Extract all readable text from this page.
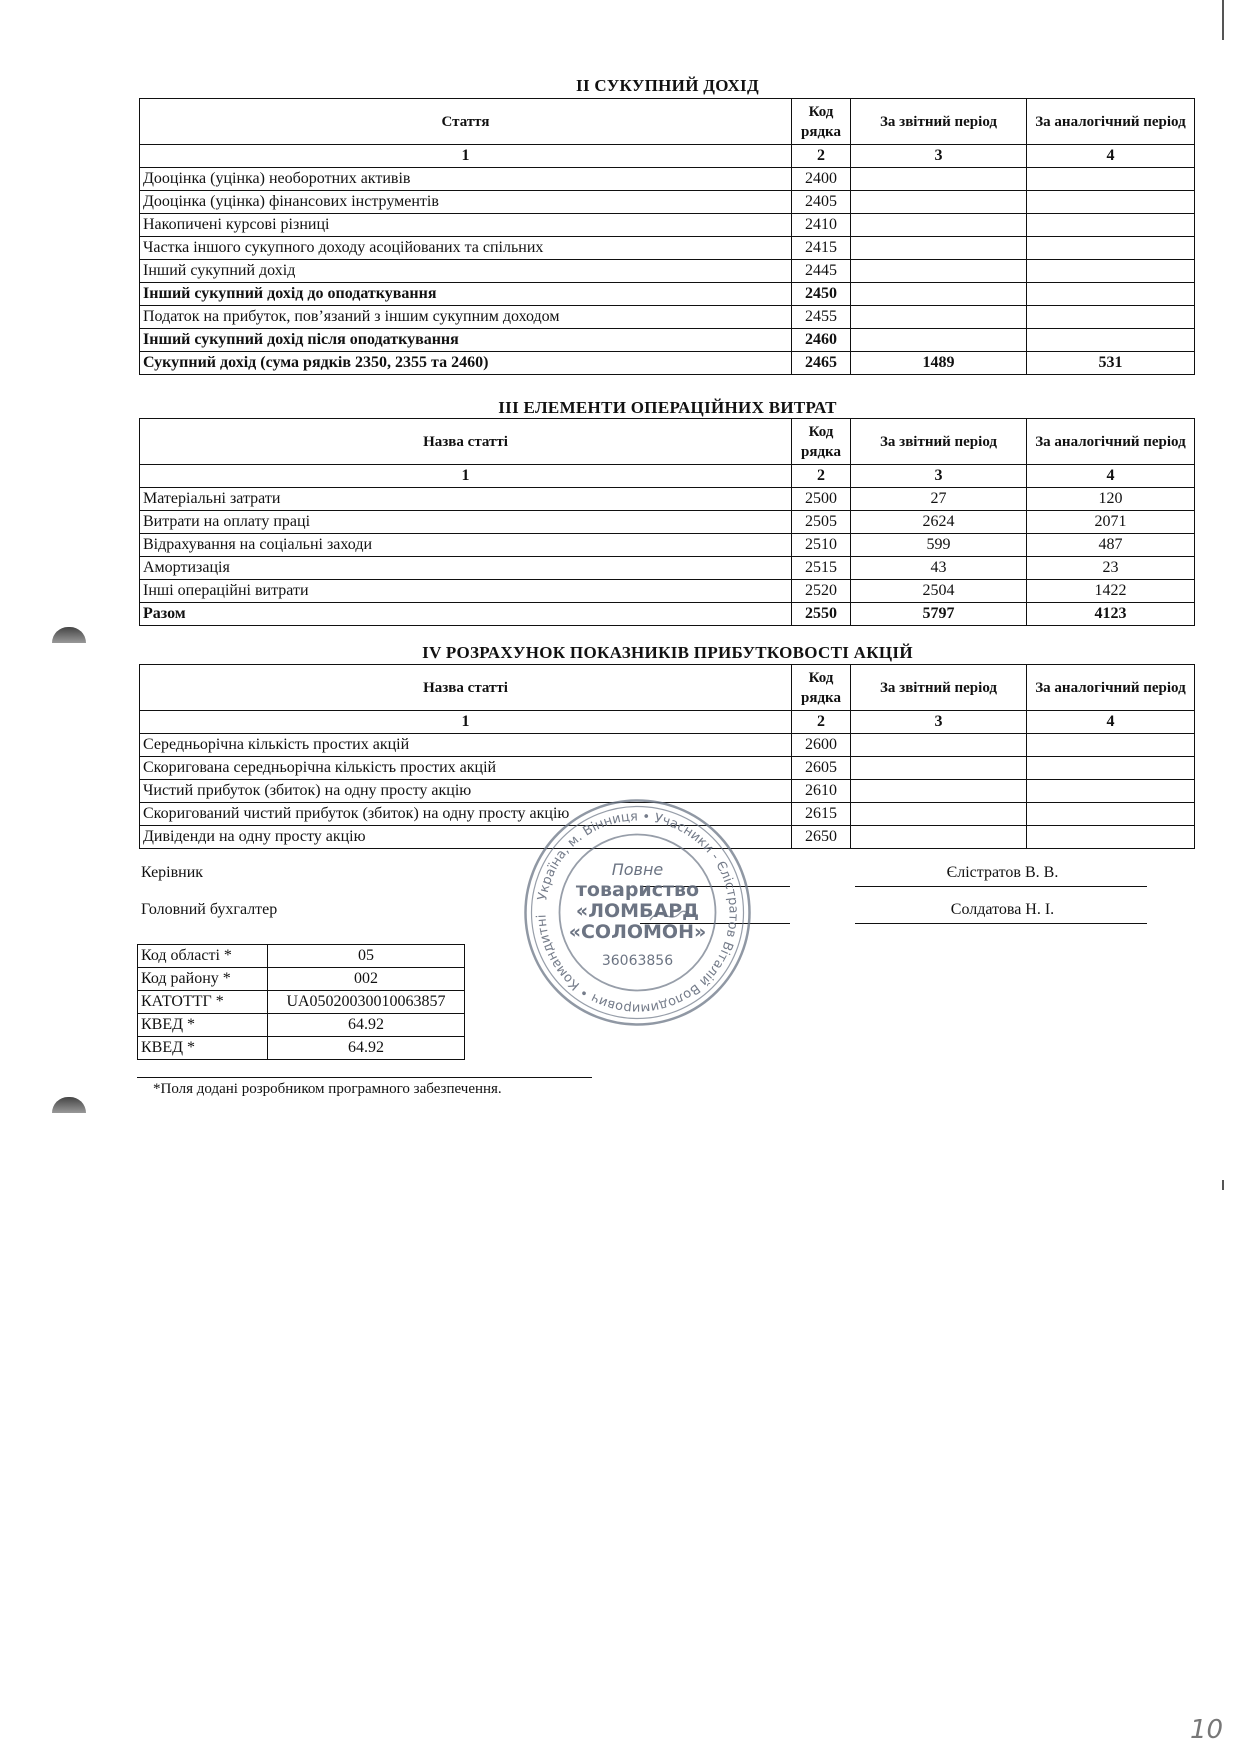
II СУКУПНИЙ ДОХІД
Стаття	Код рядка	За звітний період	За аналогічний період
1	2	3	4
Дооцінка (уцінка) необоротних активів	2400		
Дооцінка (уцінка) фінансових інструментів	2405		
Накопичені курсові різниці	2410		
Частка іншого сукупного доходу асоційованих та спільних	2415		
Інший сукупний дохід	2445		
Інший сукупний дохід до оподаткування	2450		
Податок на прибуток, пов’язаний з іншим сукупним доходом	2455		
Інший сукупний дохід після оподаткування	2460		
Сукупний дохід (сума рядків 2350, 2355 та 2460)	2465	1489	531
III ЕЛЕМЕНТИ ОПЕРАЦІЙНИХ ВИТРАТ
Назва статті	Код рядка	За звітний період	За аналогічний період
1	2	3	4
Матеріальні затрати	2500	27	120
Витрати на оплату праці	2505	2624	2071
Відрахування на соціальні заходи	2510	599	487
Амортизація	2515	43	23
Інші операційні витрати	2520	2504	1422
Разом	2550	5797	4123
IV РОЗРАХУНОК ПОКАЗНИКІВ ПРИБУТКОВОСТІ АКЦІЙ
Назва статті	Код рядка	За звітний період	За аналогічний період
1	2	3	4
Середньорічна кількість простих акцій	2600		
Скоригована середньорічна кількість простих акцій	2605		
Чистий прибуток (збиток) на одну просту акцію	2610		
Скоригований чистий прибуток (збиток) на одну просту акцію	2615		
Дивіденди на одну просту акцію	2650		
Керівник	Єлістратов В. В.
Головний бухгалтер	Солдатова Н. І.
Код області *	05
Код району *	002
КАТОТТГ *	UA05020030010063857
КВЕД *	64.92
КВЕД *	64.92
*Поля додані розробником програмного забезпечення.
Україна, м. Вінниця • Учасники - Єлістратов Віталій Володимирович • Командитні
Повне
товариство
«ЛОМБАРД
«СОЛОМОН»
36063856
10
